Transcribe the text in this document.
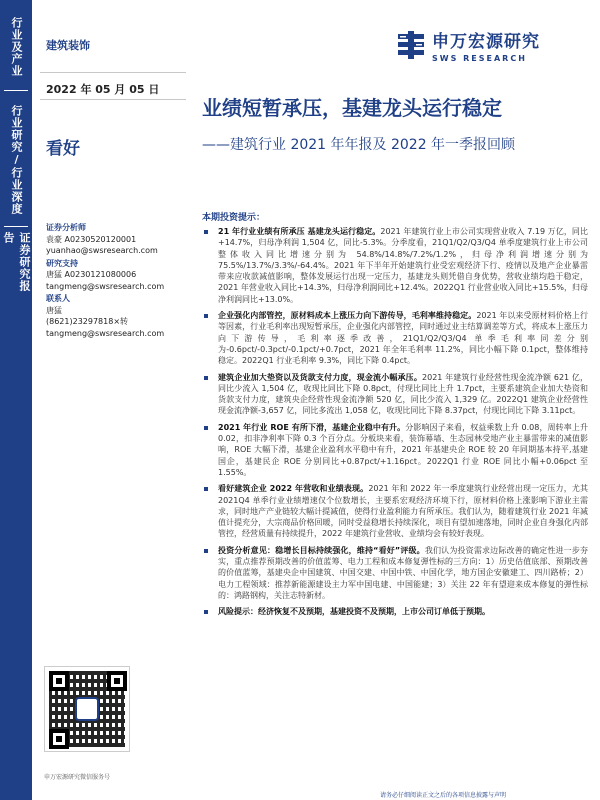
行业及产业
行业研究/行业深度
证券研究报告
建筑装饰	申万宏源研究
SWS RESEARCH
2022 年 05 月 05 日
看好
业绩短暂承压，基建龙头运行稳定
——建筑行业 2021 年年报及 2022 年一季报回顾
证券分析师
袁豪 A0230520120001
yuanhao@swsresearch.com
研究支持
唐猛 A0230121080006
tangmeng@swsresearch.com
联系人
唐猛
(8621)23297818×转
tangmeng@swsresearch.com
本期投资提示：
21 年行业业绩有所承压 基建龙头运行稳定。2021 年建筑行业上市公司实现营业收入 7.19 万亿，同比+14.7%，归母净利润 1,504 亿，同比-5.3%。分季度看，21Q1/Q2/Q3/Q4 单季度建筑行业上市公司整体收入同比增速分别为 54.8%/14.8%/7.2%/1.2%，归母净利润增速分别为 75.5%/13.7%/3.3%/-64.4%。2021 年下半年开始建筑行业受宏观经济下行、疫情以及地产企业暴雷带来应收款减值影响，整体发展运行出现一定压力，基建龙头则凭借自身优势，营收业绩均趋于稳定，2021 年营业收入同比+14.3%，归母净利润同比+12.4%。2022Q1 行业营业收入同比+15.5%，归母净利润同比+13.0%。
企业强化内部管控，原材料成本上涨压力向下游传导，毛利率维持稳定。2021 年以来受原材料价格上行等因素，行业毛利率出现短暂承压，企业强化内部管控，同时通过业主结算调差等方式，将成本上涨压力向下游传导，毛利率逐季改善，21Q1/Q2/Q3/Q4 单季毛利率同差分别为-0.6pct/-0.3pct/-0.1pct/+0.7pct，2021 年全年毛利率 11.2%，同比小幅下降 0.1pct，整体维持稳定。2022Q1 行业毛利率 9.3%，同比下降 0.4pct。
建筑企业加大垫资以及货款支付力度，现金流小幅承压。2021 年建筑行业经营性现金流净额 621 亿，同比少流入 1,504 亿，收现比同比下降 0.8pct，付现比同比上升 1.7pct，主要系建筑企业加大垫资和货款支付力度，建筑央企经营性现金流净额 520 亿，同比少流入 1,329 亿。2022Q1 建筑企业经营性现金流净额-3,657 亿，同比多流出 1,058 亿，收现比同比下降 8.37pct，付现比同比下降 3.11pct。
2021 年行业 ROE 有所下滑，基建企业稳中有升。分影响因子来看，权益乘数上升 0.08，周转率上升 0.02，扣非净利率下降 0.3 个百分点。分板块来看，装饰幕墙、生态园林受地产业主暴雷带来的减值影响，ROE 大幅下滑，基建企业盈利水平稳中有升，2021 年基建央企 ROE 较 20 年同期基本持平,基建国企，基建民企 ROE 分别同比+0.87pct/+1.16pct。2022Q1 行业 ROE 同比小幅+0.06pct 至 1.55%。
看好建筑企业 2022 年营收和业绩表现。2021 年和 2022 年一季度建筑行业经营出现一定压力，尤其 2021Q4 单季行业业绩增速仅个位数增长，主要系宏观经济环境下行，原材料价格上涨影响下游业主需求，同时地产产业链较大幅计提减值，使得行业盈利能力有所承压。我们认为，随着建筑行业 2021 年减值计提充分，大宗商品价格回暖，同时受益稳增长持续深化，项目有望加速落地，同时企业自身强化内部管控，经营质量有持续提升，2022 年建筑行业营收、业绩均会有较好表现。
投资分析意见：稳增长目标持续强化，维持“看好”评级。我们认为投资需求边际改善的确定性进一步夯实，重点推荐预期改善的价值蓝筹、电力工程和成本修复弹性标的三方向：1）历史估值底部、预期改善的价值蓝筹，基建央企中国建筑、中国交建、中国中铁、中国化学，地方国企安徽建工、四川路桥；2）电力工程领域：推荐新能源建设主力军中国电建、中国能建；3）关注 22 年有望迎来成本修复的弹性标的：鸿路钢构，关注志特新材。
风险提示：经济恢复不及预期，基建投资不及预期，上市公司订单低于预期。
申万宏源研究微信服务号
请务必仔细阅读正文之后的各项信息披露与声明
